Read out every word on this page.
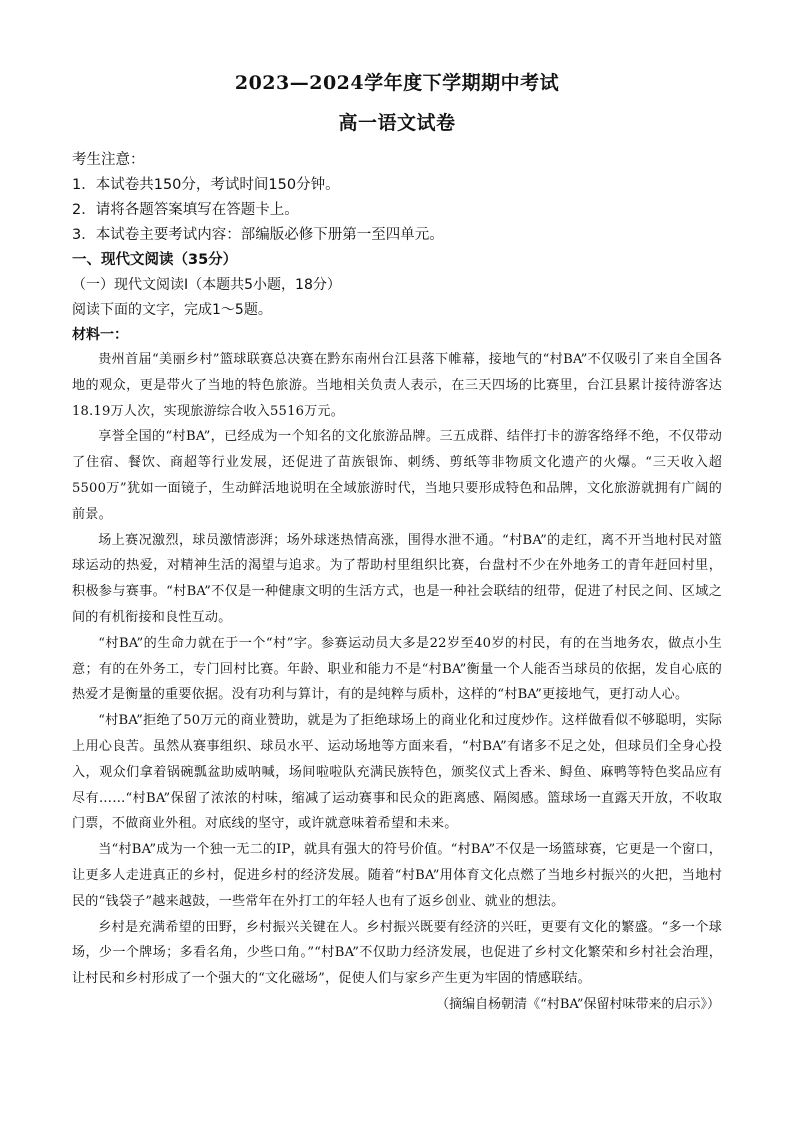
2023—2024学年度下学期期中考试
高一语文试卷

考生注意：

1．本试卷共150分，考试时间150分钟。

2．请将各题答案填写在答题卡上。

3．本试卷主要考试内容：部编版必修下册第一至四单元。

一、现代文阅读（35分）

（一）现代文阅读Ⅰ（本题共5小题，18分）

阅读下面的文字，完成1～5题。

材料一：

贵州首届“美丽乡村”篮球联赛总决赛在黔东南州台江县落下帷幕，接地气的“村BA”不仅吸引了来自全国各地的观众，更是带火了当地的特色旅游。当地相关负责人表示，在三天四场的比赛里，台江县累计接待游客达18.19万人次，实现旅游综合收入5516万元。

享誉全国的“村BA”，已经成为一个知名的文化旅游品牌。三五成群、结伴打卡的游客络绎不绝，不仅带动了住宿、餐饮、商超等行业发展，还促进了苗族银饰、刺绣、剪纸等非物质文化遗产的火爆。“三天收入超5500万”犹如一面镜子，生动鲜活地说明在全域旅游时代，当地只要形成特色和品牌，文化旅游就拥有广阔的前景。

场上赛况激烈，球员激情澎湃；场外球迷热情高涨，围得水泄不通。“村BA”的走红，离不开当地村民对篮球运动的热爱，对精神生活的渴望与追求。为了帮助村里组织比赛，台盘村不少在外地务工的青年赶回村里，积极参与赛事。“村BA”不仅是一种健康文明的生活方式，也是一种社会联结的纽带，促进了村民之间、区域之间的有机衔接和良性互动。

“村BA”的生命力就在于一个“村”字。参赛运动员大多是22岁至40岁的村民，有的在当地务农，做点小生意；有的在外务工，专门回村比赛。年龄、职业和能力不是“村BA”衡量一个人能否当球员的依据，发自心底的热爱才是衡量的重要依据。没有功利与算计，有的是纯粹与质朴，这样的“村BA”更接地气，更打动人心。

“村BA”拒绝了50万元的商业赞助，就是为了拒绝球场上的商业化和过度炒作。这样做看似不够聪明，实际上用心良苦。虽然从赛事组织、球员水平、运动场地等方面来看，“村BA”有诸多不足之处，但球员们全身心投入，观众们拿着锅碗瓢盆助威呐喊，场间啦啦队充满民族特色，颁奖仪式上香米、鲟鱼、麻鸭等特色奖品应有尽有……“村BA”保留了浓浓的村味，缩减了运动赛事和民众的距离感、隔阂感。篮球场一直露天开放，不收取门票，不做商业外租。对底线的坚守，或许就意味着希望和未来。

当“村BA”成为一个独一无二的IP，就具有强大的符号价值。“村BA”不仅是一场篮球赛，它更是一个窗口，让更多人走进真正的乡村，促进乡村的经济发展。随着“村BA”用体育文化点燃了当地乡村振兴的火把，当地村民的“钱袋子”越来越鼓，一些常年在外打工的年轻人也有了返乡创业、就业的想法。

乡村是充满希望的田野，乡村振兴关键在人。乡村振兴既要有经济的兴旺，更要有文化的繁盛。“多一个球场，少一个牌场；多看名角，少些口角。”“村BA”不仅助力经济发展，也促进了乡村文化繁荣和乡村社会治理，让村民和乡村形成了一个强大的“文化磁场”，促使人们与家乡产生更为牢固的情感联结。

（摘编自杨朝清《“村BA”保留村味带来的启示》）
